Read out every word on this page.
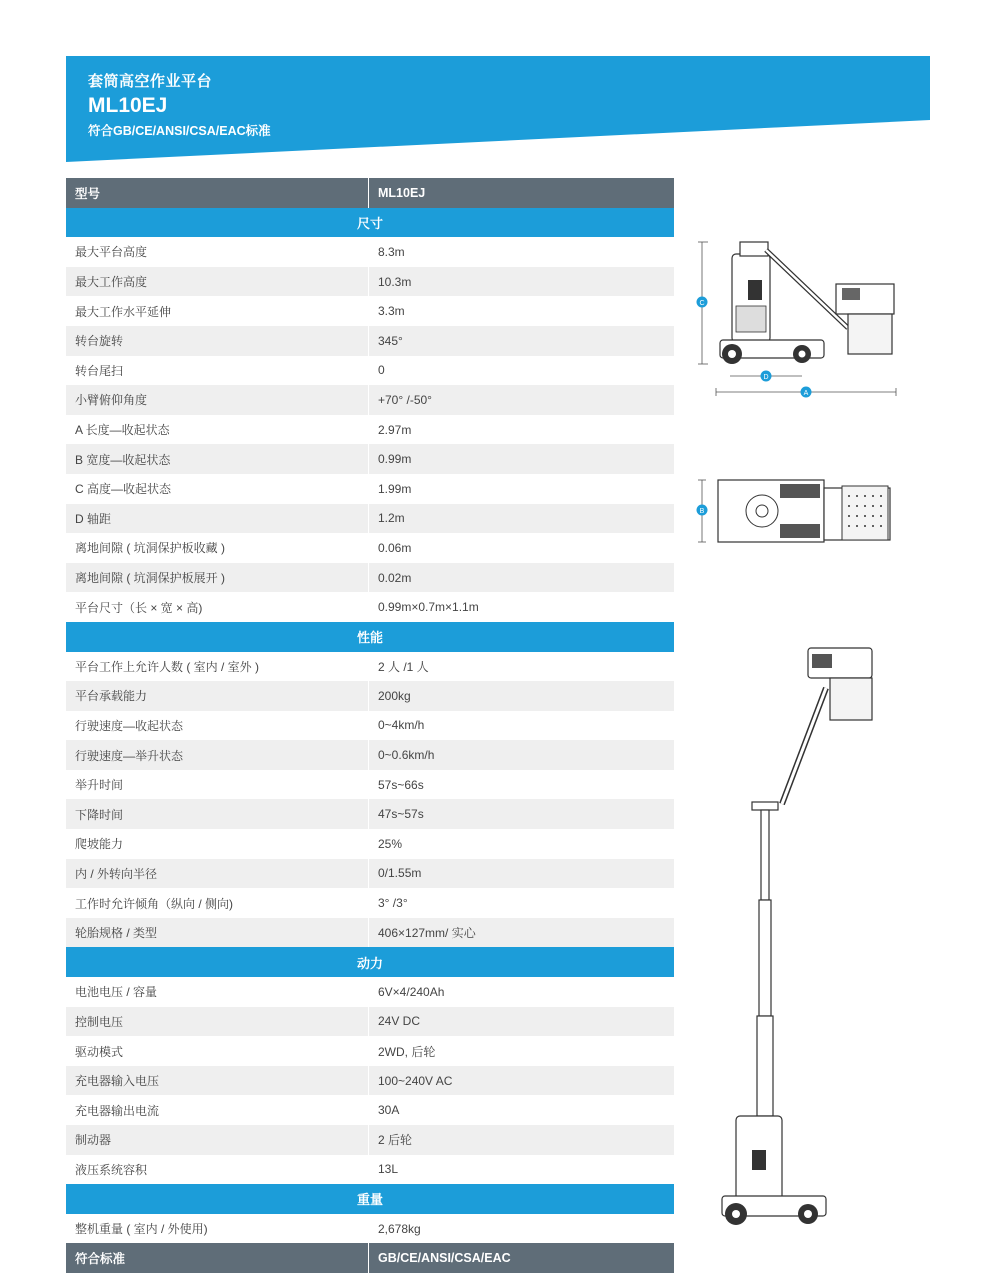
套筒高空作业平台
ML10EJ
符合GB/CE/ANSI/CSA/EAC标准
型号	ML10EJ
尺寸
最大平台高度	8.3m
最大工作高度	10.3m
最大工作水平延伸	3.3m
转台旋转	345°
转台尾扫	0
小臂俯仰角度	+70° /-50°
A 长度—收起状态	2.97m
B 宽度—收起状态	0.99m
C 高度—收起状态	1.99m
D 轴距	1.2m
离地间隙 ( 坑洞保护板收藏 )	0.06m
离地间隙 ( 坑洞保护板展开 )	0.02m
平台尺寸（长 × 宽 × 高)	0.99m×0.7m×1.1m
性能
平台工作上允许人数 ( 室内 / 室外 )	2 人 /1 人
平台承载能力	200kg
行驶速度—收起状态	0~4km/h
行驶速度—举升状态	0~0.6km/h
举升时间	57s~66s
下降时间	47s~57s
爬坡能力	25%
内 / 外转向半径	0/1.55m
工作时允许倾角（纵向 / 侧向)	3° /3°
轮胎规格 / 类型	406×127mm/ 实心
动力
电池电压 / 容量	6V×4/240Ah
控制电压	24V DC
驱动模式	2WD, 后轮
充电器输入电压	100~240V AC
充电器输出电流	30A
制动器	2 后轮
液压系统容积	13L
重量
整机重量 ( 室内 / 外使用)	2,678kg
符合标准	GB/CE/ANSI/CSA/EAC
C
D
A
B
